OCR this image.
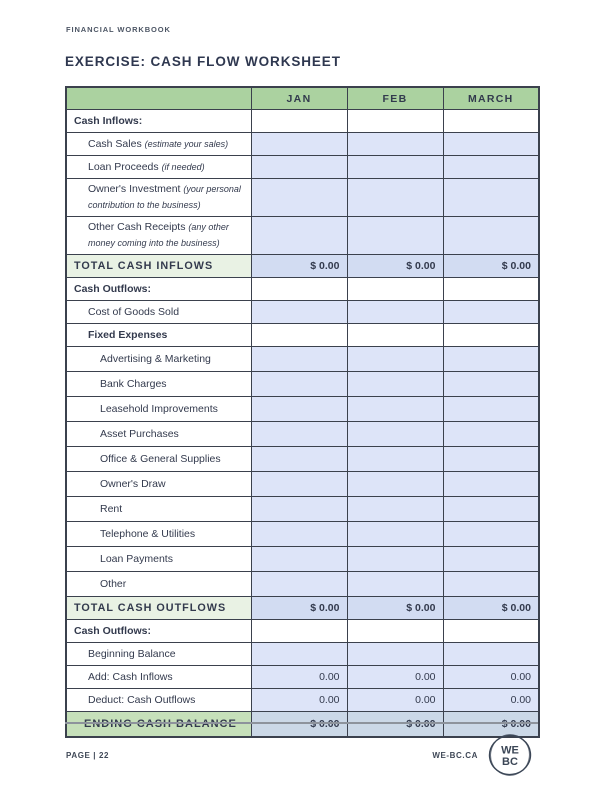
FINANCIAL WORKBOOK
EXERCISE: CASH FLOW WORKSHEET
	JAN	FEB	MARCH
Cash Inflows:			
Cash Sales (estimate your sales)			
Loan Proceeds (if needed)			
Owner's Investment (your personal contribution to the business)			
Other Cash Receipts (any other money coming into the business)			
TOTAL CASH INFLOWS	$ 0.00	$ 0.00	$ 0.00
Cash Outflows:			
Cost of Goods Sold			
Fixed Expenses			
Advertising & Marketing			
Bank Charges			
Leasehold Improvements			
Asset Purchases			
Office & General Supplies			
Owner's Draw			
Rent			
Telephone & Utilities			
Loan Payments			
Other			
TOTAL CASH OUTFLOWS	$ 0.00	$ 0.00	$ 0.00
Cash Outflows:			
Beginning Balance			
Add: Cash Inflows	0.00	0.00	0.00
Deduct: Cash Outflows	0.00	0.00	0.00
ENDING CASH BALANCE	$ 0.00	$ 0.00	$ 0.00
PAGE | 22	WE-BC.CA WE
BC
